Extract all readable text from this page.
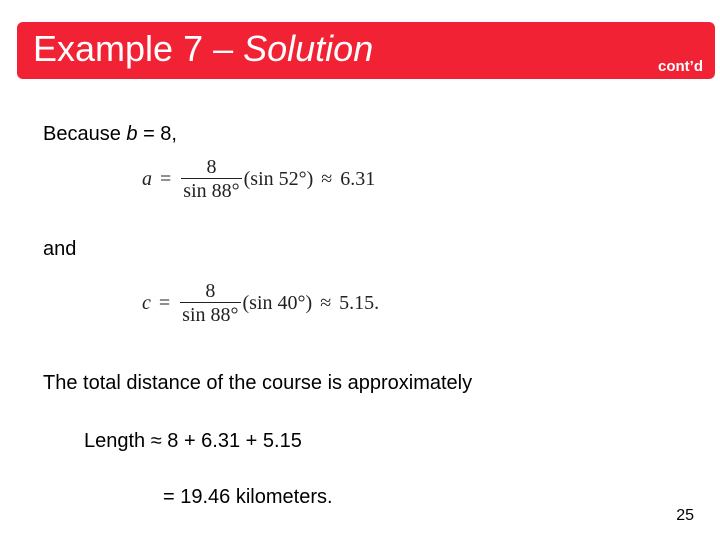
Example 7 – Solution	cont’d
Because b = 8,
$a = \frac{8}{\sin 88^\circ} (\sin$ 52°) ≈ 6.31
and
$c = \frac{8}{\sin 88^\circ} (\sin$ 40°) ≈ 5.15.
The total distance of the course is approximately
Length ≈ 8 + 6.31 + 5.15
= 19.46 kilometers.
25
